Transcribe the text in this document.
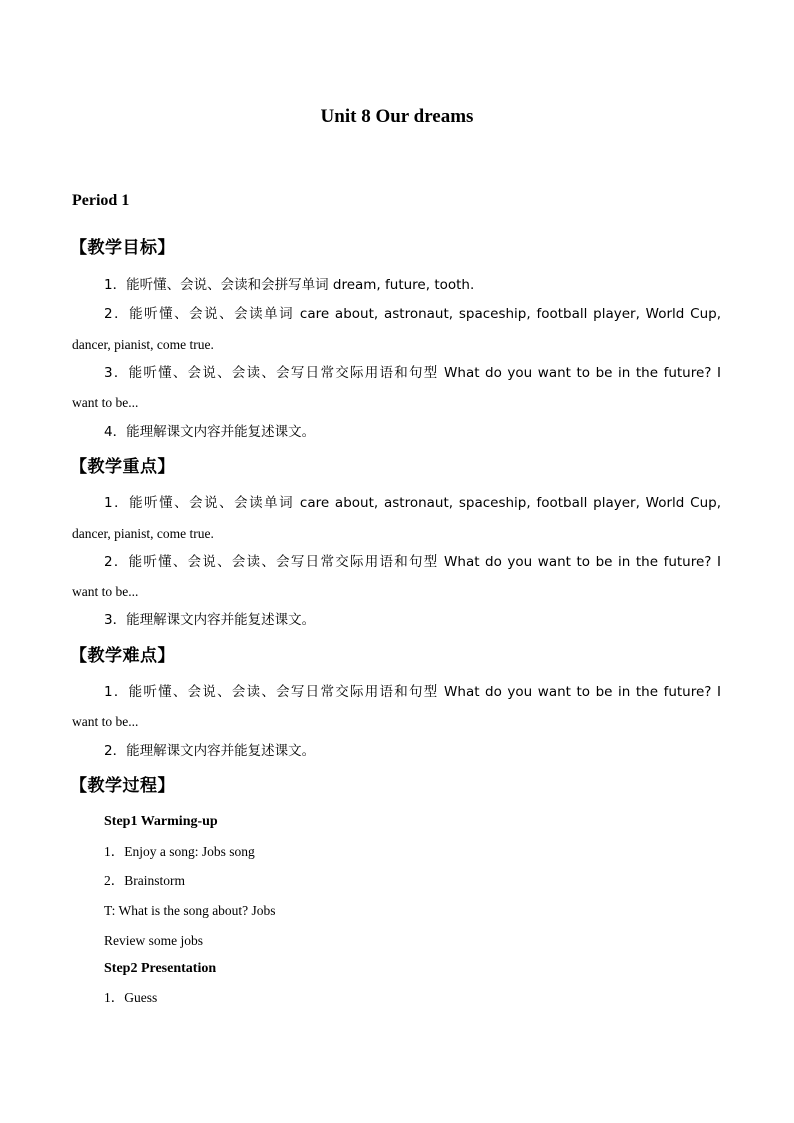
Unit 8 Our dreams
Period 1
【教学目标】
1．能听懂、会说、会读和会拼写单词 dream, future, tooth.
2．能听懂、会说、会读单词 care about, astronaut, spaceship, football player, World Cup,
dancer, pianist, come true.
3．能听懂、会说、会读、会写日常交际用语和句型 What do you want to be in the future? I
want to be...
4．能理解课文内容并能复述课文。
【教学重点】
1．能听懂、会说、会读单词 care about, astronaut, spaceship, football player, World Cup,
dancer, pianist, come true.
2．能听懂、会说、会读、会写日常交际用语和句型 What do you want to be in the future? I
want to be...
3．能理解课文内容并能复述课文。
【教学难点】
1．能听懂、会说、会读、会写日常交际用语和句型 What do you want to be in the future? I
want to be...
2．能理解课文内容并能复述课文。
【教学过程】
Step1 Warming-up
1．Enjoy a song: Jobs song
2．Brainstorm
T: What is the song about? Jobs
Review some jobs
Step2 Presentation
1．Guess
